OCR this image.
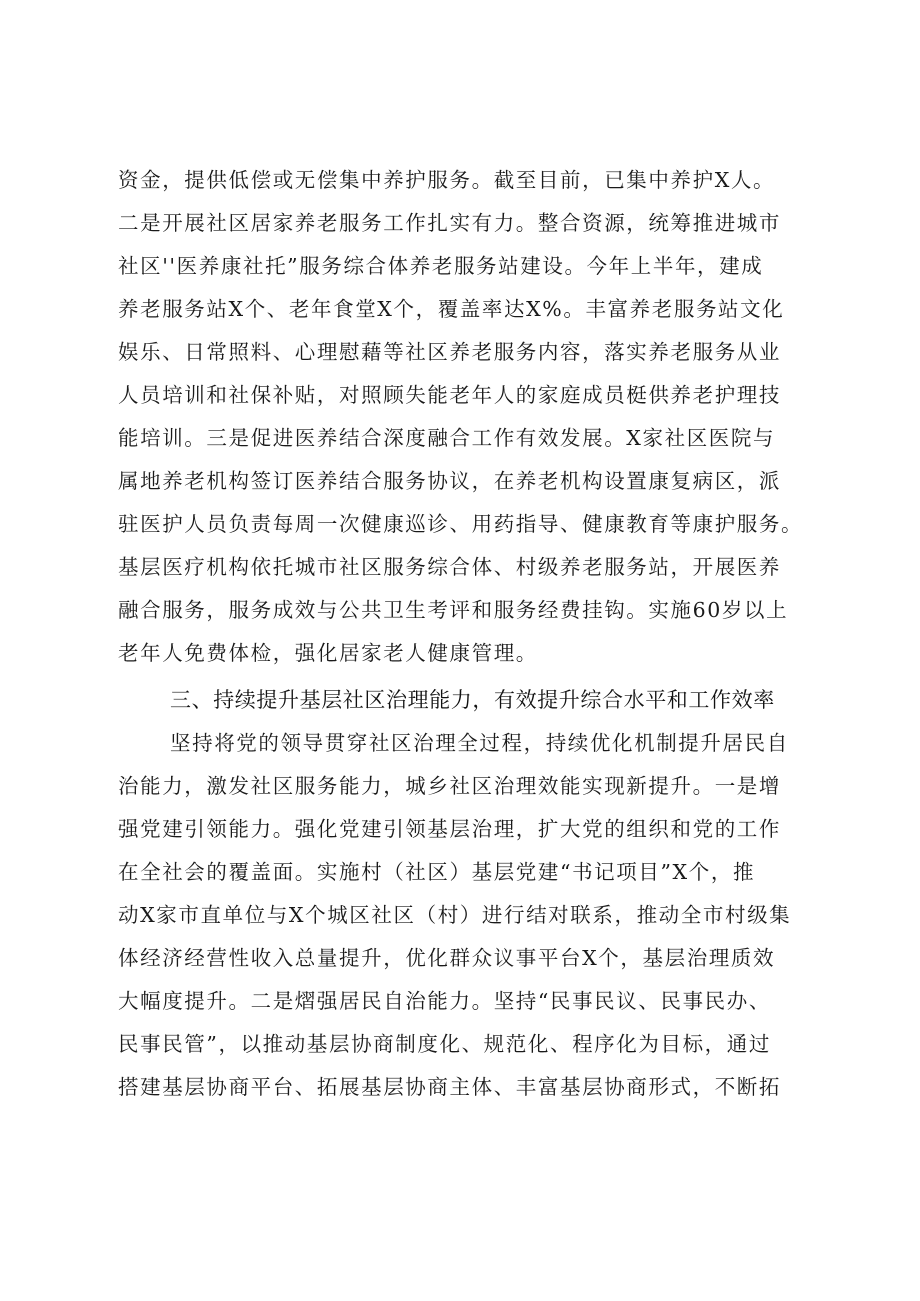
资金，提供低偿或无偿集中养护服务。截至目前，已集中养护X人。
二是开展社区居家养老服务工作扎实有力。整合资源，统筹推进城市
社区''医养康社托”服务综合体养老服务站建设。今年上半年，建成
养老服务站X个、老年食堂X个，覆盖率达X%。丰富养老服务站文化
娱乐、日常照料、心理慰藉等社区养老服务内容，落实养老服务从业
人员培训和社保补贴，对照顾失能老年人的家庭成员梃供养老护理技
能培训。三是促进医养结合深度融合工作有效发展。X家社区医院与
属地养老机构签订医养结合服务协议，在养老机构设置康复病区，派
驻医护人员负责每周一次健康巡诊、用药指导、健康教育等康护服务。
基层医疗机构依托城市社区服务综合体、村级养老服务站，开展医养
融合服务，服务成效与公共卫生考评和服务经费挂钩。实施60岁以上
老年人免费体检，强化居家老人健康管理。
三、持续提升基层社区治理能力，有效提升综合水平和工作效率
坚持将党的领导贯穿社区治理全过程，持续优化机制提升居民自
治能力，激发社区服务能力，城乡社区治理效能实现新提升。一是增
强党建引领能力。强化党建引领基层治理，扩大党的组织和党的工作
在全社会的覆盖面。实施村（社区）基层党建“书记项目”X个，推
动X家市直单位与X个城区社区（村）进行结对联系，推动全市村级集
体经济经营性收入总量提升，优化群众议事平台X个，基层治理质效
大幅度提升。二是熠强居民自治能力。坚持“民事民议、民事民办、
民事民管”，以推动基层协商制度化、规范化、程序化为目标，通过
搭建基层协商平台、拓展基层协商主体、丰富基层协商形式，不断拓
